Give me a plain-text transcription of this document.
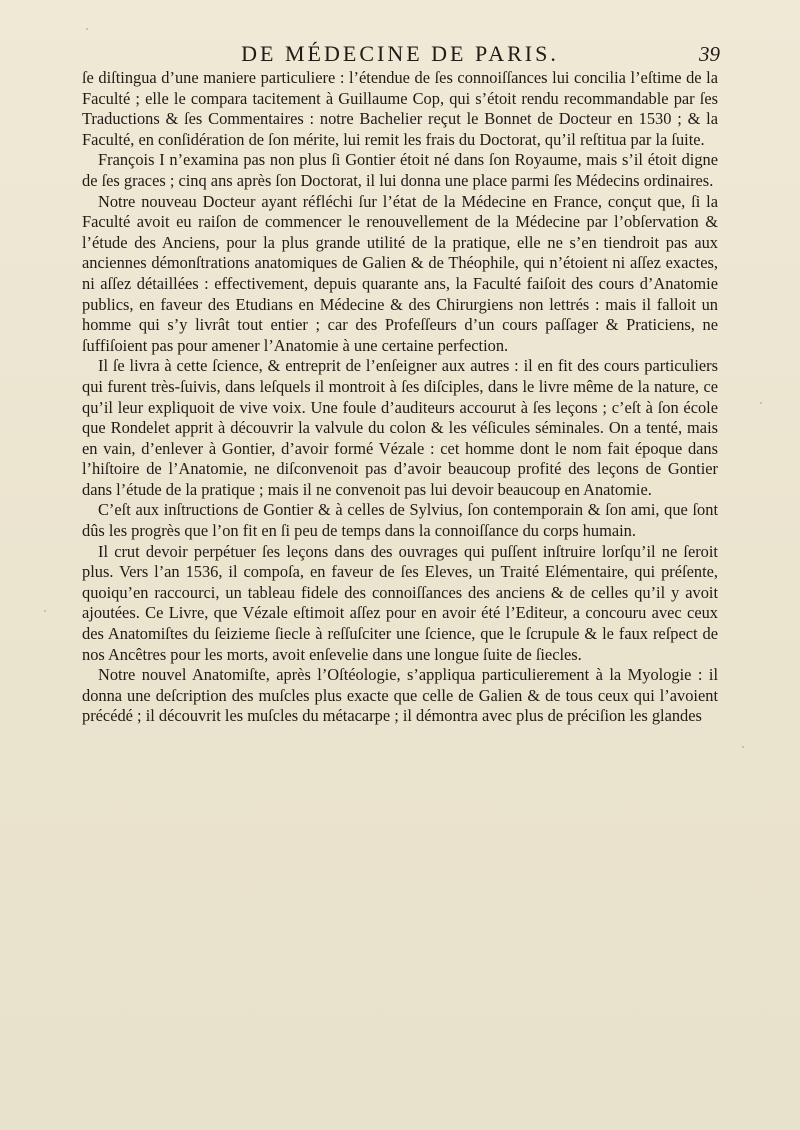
DE MÉDECINE DE PARIS.	39

ſe diſtingua d’une maniere particuliere : l’étendue de ſes connoiſſances lui concilia l’eſtime de la Faculté ; elle le compara tacitement à Guillaume Cop, qui s’étoit rendu recommandable par ſes Traductions & ſes Commentaires : notre Bachelier reçut le Bonnet de Docteur en 1530 ; & la Faculté, en conſidération de ſon mérite, lui remit les frais du Doctorat, qu’il reſtitua par la ſuite.

François I n’examina pas non plus ſi Gontier étoit né dans ſon Royaume, mais s’il étoit digne de ſes graces ; cinq ans après ſon Doctorat, il lui donna une place parmi ſes Médecins ordinaires.

Notre nouveau Docteur ayant réfléchi ſur l’état de la Médecine en France, conçut que, ſi la Faculté avoit eu raiſon de commencer le renouvellement de la Médecine par l’obſervation & l’étude des Anciens, pour la plus grande utilité de la pratique, elle ne s’en tiendroit pas aux anciennes démonſtrations anatomiques de Galien & de Théophile, qui n’étoient ni aſſez exactes, ni aſſez détaillées : effectivement, depuis quarante ans, la Faculté faiſoit des cours d’Anatomie publics, en faveur des Etudians en Médecine & des Chirurgiens non lettrés : mais il falloit un homme qui s’y livrât tout entier ; car des Profeſſeurs d’un cours paſſager & Praticiens, ne ſuffiſoient pas pour amener l’Anatomie à une certaine perfection.

Il ſe livra à cette ſcience, & entreprit de l’enſeigner aux autres : il en fit des cours particuliers qui furent très-ſuivis, dans leſquels il montroit à ſes diſciples, dans le livre même de la nature, ce qu’il leur expliquoit de vive voix. Une foule d’auditeurs accourut à ſes leçons ; c’eſt à ſon école que Rondelet apprit à découvrir la valvule du colon & les véſicules séminales. On a tenté, mais en vain, d’enlever à Gontier, d’avoir formé Vézale : cet homme dont le nom fait époque dans l’hiſtoire de l’Anatomie, ne diſconvenoit pas d’avoir beaucoup profité des leçons de Gontier dans l’étude de la pratique ; mais il ne convenoit pas lui devoir beaucoup en Anatomie.

C’eſt aux inſtructions de Gontier & à celles de Sylvius, ſon contemporain & ſon ami, que ſont dûs les progrès que l’on fit en ſi peu de temps dans la connoiſſance du corps humain.

Il crut devoir perpétuer ſes leçons dans des ouvrages qui puſſent inſtruire lorſqu’il ne ſeroit plus. Vers l’an 1536, il compoſa, en faveur de ſes Eleves, un Traité Elémentaire, qui préſente, quoiqu’en raccourci, un tableau fidele des connoiſſances des anciens & de celles qu’il y avoit ajoutées. Ce Livre, que Vézale eſtimoit aſſez pour en avoir été l’Editeur, a concouru avec ceux des Anatomiſtes du ſeizieme ſiecle à reſſuſciter une ſcience, que le ſcrupule & le faux reſpect de nos Ancêtres pour les morts, avoit enſevelie dans une longue ſuite de ſiecles.

Notre nouvel Anatomiſte, après l’Oſtéologie, s’appliqua particulierement à la Myologie : il donna une deſcription des muſcles plus exacte que celle de Galien & de tous ceux qui l’avoient précédé ; il découvrit les muſcles du métacarpe ; il démontra avec plus de préciſion les glandes
